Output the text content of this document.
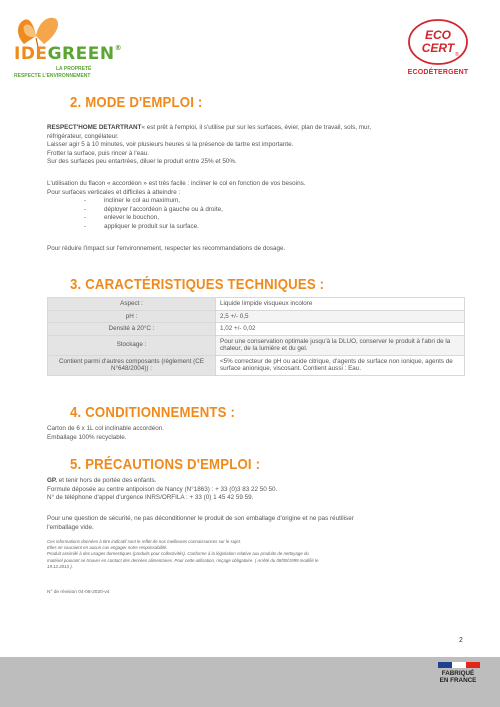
IDEGREEN®
LA PROPRETÉ
RESPECTE L'ENVIRONNEMENT
ECO
CERT ®
ECODÉTERGENT
2. MODE D'EMPLOI :
RESPECT'HOME DETARTRANT« est prêt à l'emploi, il s'utilise pur sur les surfaces, évier, plan de travail, sols, mur,
réfrigérateur, congélateur.
Laisser agir 5 à 10 minutes, voir plusieurs heures si la présence de tartre est importante.
Frotter la surface, puis rincer à l'eau.
Sur des surfaces peu entartrées, diluer le produit entre 25% et 50%.
L'utilisation du flacon « accordéon » est très facile : incliner le col en fonction de vos besoins.
Pour surfaces verticales et difficiles à atteindre :
-	incliner le col au maximum,
-	déployer l'accordéon à gauche ou à droite,
-	enlever le bouchon,
-	appliquer le produit sur la surface.
Pour réduire l'impact sur l'environnement, respecter les recommandations de dosage.
3. CARACTÉRISTIQUES TECHNIQUES :
Aspect :	Liquide limpide visqueux incolore
pH :	2,5 +/- 0,5
Densité à 20°C :	1,02 +/- 0,02
Stockage :	Pour une conservation optimale jusqu'à la DLUO, conserver le produit à l'abri de la chaleur, de la lumière et du gel.
Contient parmi d'autres composants (règlement (CE N°648/2004)) :	<5% correcteur de pH ou acide citrique, d'agents de surface non ionique, agents de surface anionique, viscosant. Contient aussi : Eau.
4. CONDITIONNEMENTS :
Carton de 6 x 1L col inclinable accordéon.
Emballage 100% recyclable.
5. PRÉCAUTIONS D'EMPLOI :
GP. et tenir hors de portée des enfants.
Formule déposée au centre antipoison de Nancy (N°1863) : + 33 (0)3 83 22 50 50.
N° de téléphone d'appel d'urgence INRS/ORFILA : + 33 (0) 1 45 42 59 59.
Pour une question de sécurité, ne pas déconditionner le produit de son emballage d'origine et ne pas réutiliser
l'emballage vide.
Ces informations données à titre indicatif sont le reflet de nos meilleures connaissances sur le sujet.
Elles ne sauraient en aucun cas engager notre responsabilité.
Produit assimilé à des usages domestiques (produits pour collectivités). Conforme à la législation relative aux produits de nettoyage du
matériel pouvant se trouver en contact des denrées alimentaires. Pour cette utilisation, rinçage obligatoire. ( Arrêté du 08/09/1999 modifié le
19.12.2013 ).
N° de révision 04-08-2020-v4
2
FABRIQUÉ
EN FRANCE
